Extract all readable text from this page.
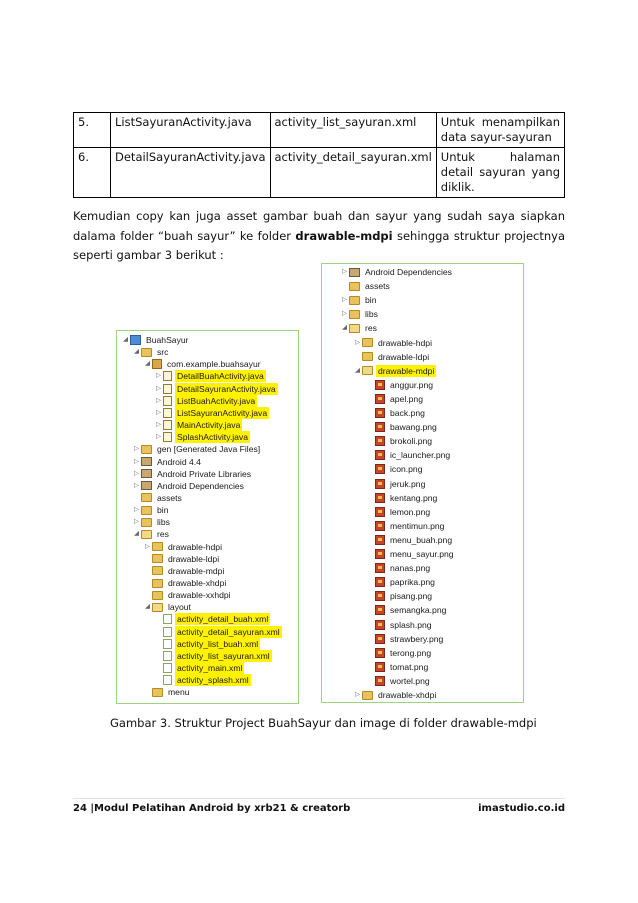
5.	ListSayuranActivity.java	activity_list_sayuran.xml	Untuk menampilkan data sayur-sayuran
6.	DetailSayuranActivity.java	activity_detail_sayuran.xml	Untuk halaman detail sayuran yang diklik.
Kemudian copy kan juga asset gambar buah dan sayur yang sudah saya siapkan dalama folder “buah sayur” ke folder drawable-mdpi sehingga struktur projectnya seperti gambar 3 berikut :
◢ BuahSayur
◢ src
◢ com.example.buahsayur
▷ DetailBuahActivity.java
▷ DetailSayuranActivity.java
▷ ListBuahActivity.java
▷ ListSayuranActivity.java
▷ MainActivity.java
▷ SplashActivity.java
▷ gen [Generated Java Files]
▷ Android 4.4
▷ Android Private Libraries
▷ Android Dependencies
assets
▷ bin
▷ libs
◢ res
▷ drawable-hdpi
drawable-ldpi
drawable-mdpi
drawable-xhdpi
drawable-xxhdpi
◢ layout
activity_detail_buah.xml
activity_detail_sayuran.xml
activity_list_buah.xml
activity_list_sayuran.xml
activity_main.xml
activity_splash.xml
menu
▷ Android Dependencies
assets
▷ bin
▷ libs
◢ res
▷ drawable-hdpi
drawable-ldpi
◢ drawable-mdpi
anggur.png
apel.png
back.png
bawang.png
brokoli.png
ic_launcher.png
icon.png
jeruk.png
kentang.png
lemon.png
mentimun.png
menu_buah.png
menu_sayur.png
nanas.png
paprika.png
pisang.png
semangka.png
splash.png
strawbery.png
terong.png
tomat.png
wortel.png
▷ drawable-xhdpi
Gambar 3. Struktur Project BuahSayur dan image di folder drawable-mdpi
24 |Modul Pelatihan Android by xrb21 & creatorb	imastudio.co.id
